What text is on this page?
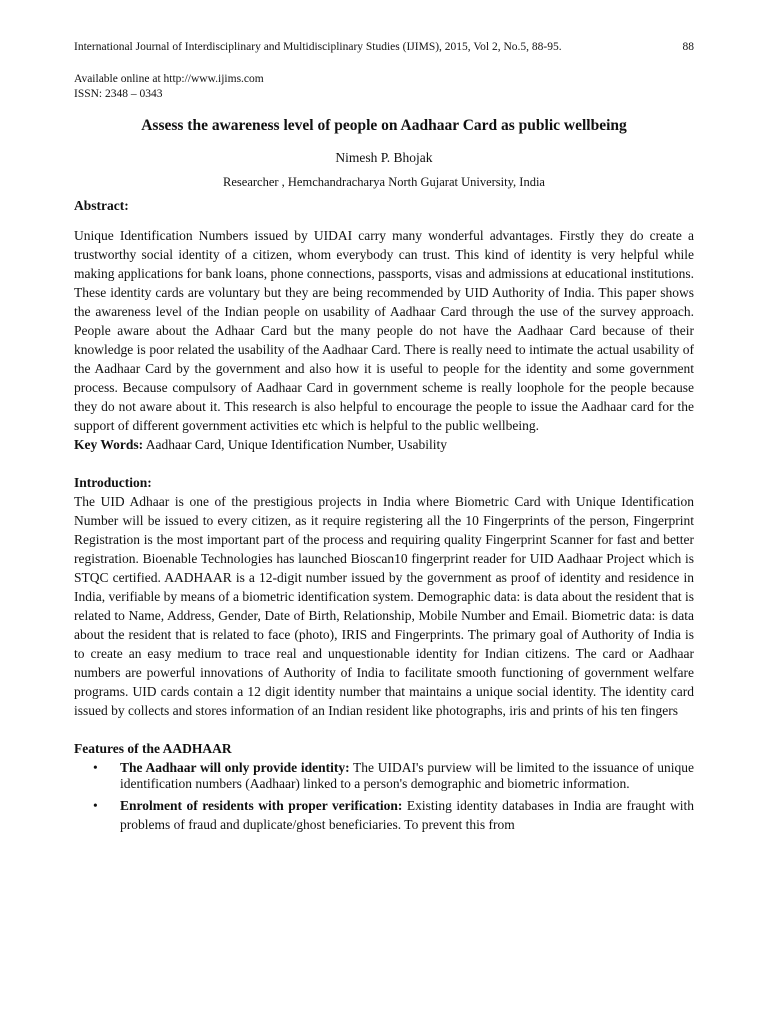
International Journal of Interdisciplinary and Multidisciplinary Studies (IJIMS), 2015, Vol 2, No.5, 88-95.	88
Available online at http://www.ijims.com
ISSN: 2348 – 0343
Assess the awareness level of people on Aadhaar Card as public wellbeing
Nimesh P. Bhojak
Researcher , Hemchandracharya North Gujarat University, India
Abstract:

Unique Identification Numbers issued by UIDAI carry many wonderful advantages. Firstly they do create a trustworthy social identity of a citizen, whom everybody can trust. This kind of identity is very helpful while making applications for bank loans, phone connections, passports, visas and admissions at educational institutions. These identity cards are voluntary but they are being recommended by UID Authority of India. This paper shows the awareness level of the Indian people on usability of Aadhaar Card through the use of the survey approach. People aware about the Adhaar Card but the many people do not have the Aadhaar Card because of their knowledge is poor related the usability of the Aadhaar Card. There is really need to intimate the actual usability of the Aadhaar Card by the government and also how it is useful to people for the identity and some government process. Because compulsory of Aadhaar Card in government scheme is really loophole for the people because they do not aware about it. This research is also helpful to encourage the people to issue the Aadhaar card for the support of different government activities etc which is helpful to the public wellbeing.

Key Words: Aadhaar Card, Unique Identification Number, Usability
Introduction:

The UID Adhaar is one of the prestigious projects in India where Biometric Card with Unique Identification Number will be issued to every citizen, as it require registering all the 10 Fingerprints of the person, Fingerprint Registration is the most important part of the process and requiring quality Fingerprint Scanner for fast and better registration. Bioenable Technologies has launched Bioscan10 fingerprint reader for UID Aadhaar Project which is STQC certified. AADHAAR is a 12-digit number issued by the government as proof of identity and residence in India, verifiable by means of a biometric identification system. Demographic data: is data about the resident that is related to Name, Address, Gender, Date of Birth, Relationship, Mobile Number and Email. Biometric data: is data about the resident that is related to face (photo), IRIS and Fingerprints. The primary goal of Authority of India is to create an easy medium to trace real and unquestionable identity for Indian citizens. The card or Aadhaar numbers are powerful innovations of Authority of India to facilitate smooth functioning of government welfare programs. UID cards contain a 12 digit identity number that maintains a unique social identity. The identity card issued by collects and stores information of an Indian resident like photographs, iris and prints of his ten fingers

Features of the AADHAAR
• The Aadhaar will only provide identity: The UIDAI's purview will be limited to the issuance of unique identification numbers (Aadhaar) linked to a person's demographic and biometric information.
• Enrolment of residents with proper verification: Existing identity databases in India are fraught with problems of fraud and duplicate/ghost beneficiaries. To prevent this from
